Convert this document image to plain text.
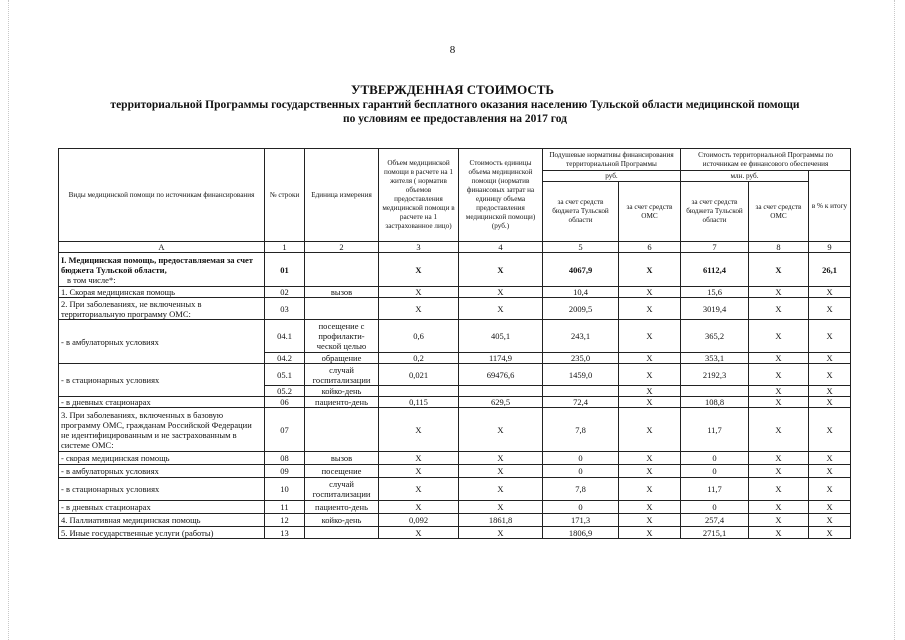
8
УТВЕРЖДЕННАЯ СТОИМОСТЬ
территориальной Программы государственных гарантий бесплатного оказания населению Тульской области медицинской помощи по условиям ее предоставления на 2017 год
Виды медицинской помощи по источникам финансирования	№ строки	Единица измерения	Объем медицинской помощи в расчете на 1 жителя ( норматив объемов предоставления медицинской помощи в расчете на 1 застрахованное лицо)	Стоимость единицы объема медицинской помощи (норматив финансовых затрат на единицу объема предоставления медицинской помощи) (руб.)	Подушевые нормативы финансирования территориальной Программы		Стоимость территориальной Программы по источникам ее финансового обеспечения		
					руб.		млн. руб.		в % к итогу
					за счет средств бюджета Тульской области	за счет средств ОМС	за счет средств бюджета Тульской области	за счет средств ОМС	
А	1	2	3	4	5	6	7	8	9
I. Медицинская помощь, предоставляемая за счет бюджета Тульской области,
в том числе*:	01		Х	Х	4067,9	Х	6112,4	Х	26,1
1. Скорая медицинская помощь	02	вызов	Х	Х	10,4	Х	15,6	Х	Х
2. При заболеваниях, не включенных в территориальную программу ОМС:	03		Х	Х	2009,5	Х	3019,4	Х	Х
- в амбулаторных условиях	04.1	посещение с профилакти-ческой целью	0,6	405,1	243,1	Х	365,2	Х	Х
	04.2	обращение	0,2	1174,9	235,0	Х	353,1	Х	Х
- в стационарных условиях	05.1	случай госпитализации	0,021	69476,6	1459,0	Х	2192,3	Х	Х
	05.2	койко-день				Х		Х	Х
- в дневных стационарах	06	пациенто-день	0,115	629,5	72,4	Х	108,8	Х	Х
3. При заболеваниях, включенных в базовую программу ОМС, гражданам Российской Федерации не идентифицированным и не застрахованным в системе ОМС:	07		Х	Х	7,8	Х	11,7	Х	Х
- скорая медицинская помощь	08	вызов	Х	Х	0	Х	0	Х	Х
- в амбулаторных условиях	09	посещение	Х	Х	0	Х	0	Х	Х
- в стационарных условиях	10	случай госпитализации	Х	Х	7,8	Х	11,7	Х	Х
- в дневных стационарах	11	пациенто-день	Х	Х	0	Х	0	Х	Х
4. Паллиативная медицинская помощь	12	койко-день	0,092	1861,8	171,3	Х	257,4	Х	Х
5. Иные государственные услуги (работы)	13		Х	Х	1806,9	Х	2715,1	Х	Х
